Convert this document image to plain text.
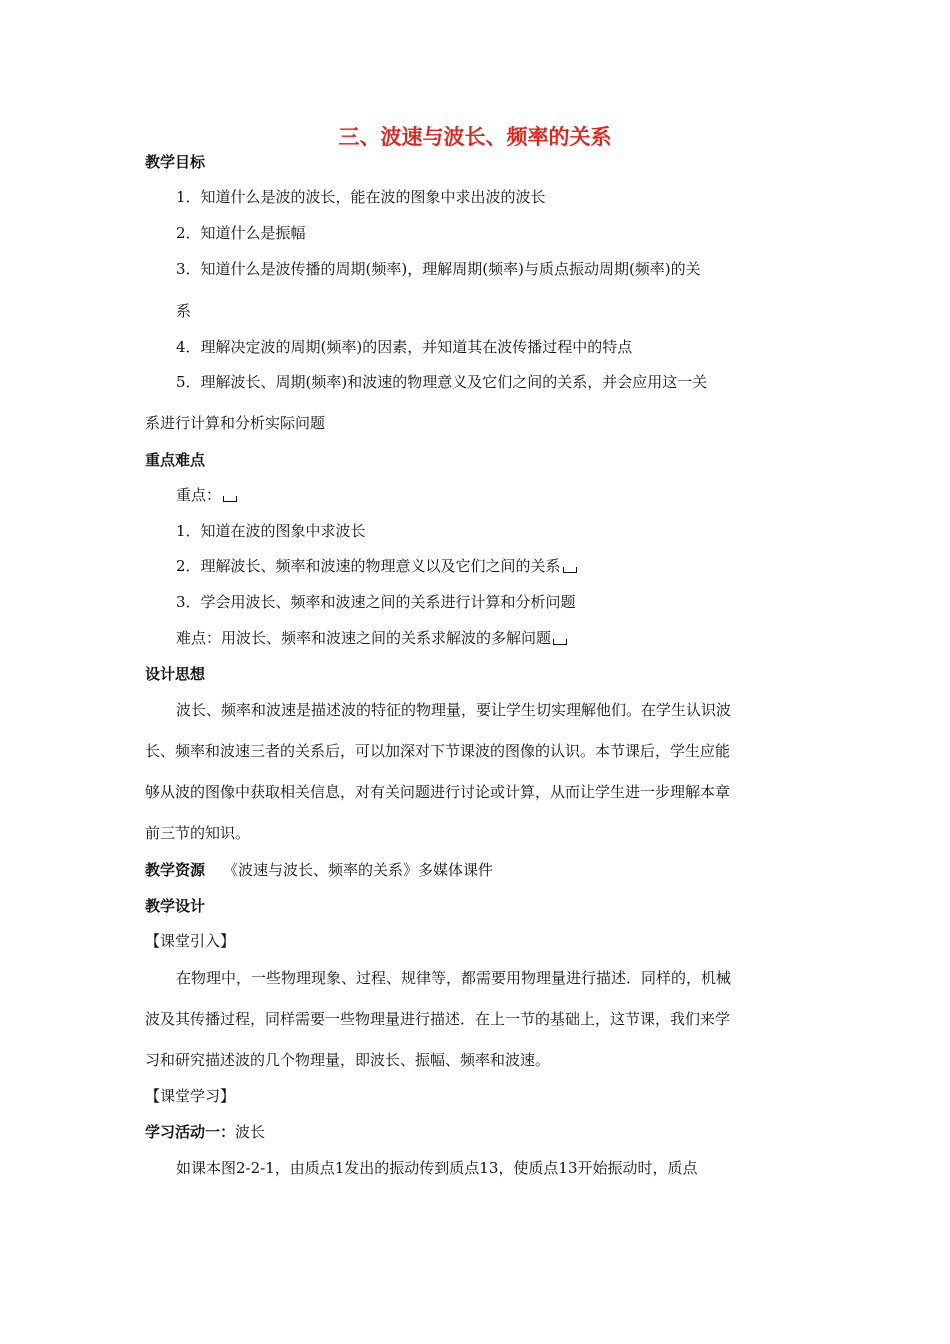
三、波速与波长、频率的关系
教学目标
1．知道什么是波的波长，能在波的图象中求出波的波长
2．知道什么是振幅
3．知道什么是波传播的周期(频率)，理解周期(频率)与质点振动周期(频率)的关
系
4．理解决定波的周期(频率)的因素，并知道其在波传播过程中的特点
5．理解波长、周期(频率)和波速的物理意义及它们之间的关系，并会应用这一关
系进行计算和分析实际问题
重点难点
重点：
1．知道在波的图象中求波长
2．理解波长、频率和波速的物理意义以及它们之间的关系
3．学会用波长、频率和波速之间的关系进行计算和分析问题
难点：用波长、频率和波速之间的关系求解波的多解问题
设计思想
波长、频率和波速是描述波的特征的物理量，要让学生切实理解他们。在学生认识波
长、频率和波速三者的关系后，可以加深对下节课波的图像的认识。本节课后，学生应能
够从波的图像中获取相关信息，对有关问题进行讨论或计算，从而让学生进一步理解本章
前三节的知识。
教学资源 《波速与波长、频率的关系》多媒体课件
教学设计
【课堂引入】
在物理中，一些物理现象、过程、规律等，都需要用物理量进行描述．同样的，机械
波及其传播过程，同样需要一些物理量进行描述．在上一节的基础上，这节课，我们来学
习和研究描述波的几个物理量，即波长、振幅、频率和波速。
【课堂学习】
学习活动一：波长
如课本图2-2-1，由质点1发出的振动传到质点13，使质点13开始振动时，质点
